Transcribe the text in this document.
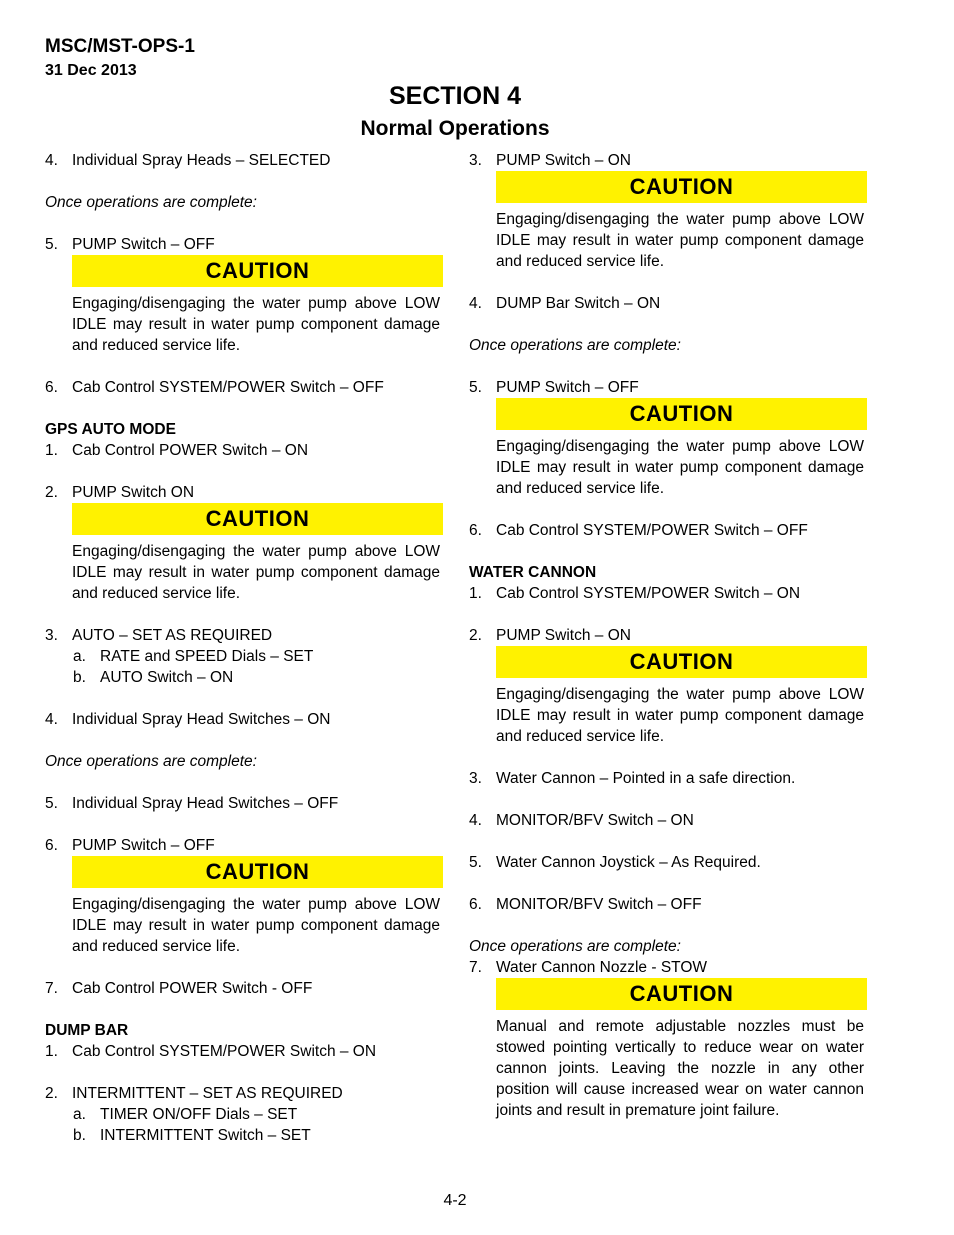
MSC/MST-OPS-1
31 Dec 2013
SECTION 4
Normal Operations
4. Individual Spray Heads – SELECTED
Once operations are complete:
5. PUMP Switch – OFF
CAUTION
Engaging/disengaging the water pump above LOW IDLE may result in water pump component damage and reduced service life.
6. Cab Control SYSTEM/POWER Switch – OFF
GPS AUTO MODE
1. Cab Control POWER Switch – ON
2. PUMP Switch ON
CAUTION
Engaging/disengaging the water pump above LOW IDLE may result in water pump component damage and reduced service life.
3. AUTO – SET AS REQUIRED
a. RATE and SPEED Dials – SET
b. AUTO Switch – ON
4. Individual Spray Head Switches – ON
Once operations are complete:
5. Individual Spray Head Switches – OFF
6. PUMP Switch – OFF
CAUTION
Engaging/disengaging the water pump above LOW IDLE may result in water pump component damage and reduced service life.
7. Cab Control POWER Switch - OFF
DUMP BAR
1. Cab Control SYSTEM/POWER Switch – ON
2. INTERMITTENT – SET AS REQUIRED
a. TIMER ON/OFF Dials – SET
b. INTERMITTENT Switch – SET
3. PUMP Switch – ON
CAUTION
Engaging/disengaging the water pump above LOW IDLE may result in water pump component damage and reduced service life.
4. DUMP Bar Switch – ON
Once operations are complete:
5. PUMP Switch – OFF
CAUTION
Engaging/disengaging the water pump above LOW IDLE may result in water pump component damage and reduced service life.
6. Cab Control SYSTEM/POWER Switch – OFF
WATER CANNON
1. Cab Control SYSTEM/POWER Switch – ON
2. PUMP Switch – ON
CAUTION
Engaging/disengaging the water pump above LOW IDLE may result in water pump component damage and reduced service life.
3. Water Cannon – Pointed in a safe direction.
4. MONITOR/BFV Switch – ON
5. Water Cannon Joystick – As Required.
6. MONITOR/BFV Switch – OFF
Once operations are complete:
7. Water Cannon Nozzle - STOW
CAUTION
Manual and remote adjustable nozzles must be stowed pointing vertically to reduce wear on water cannon joints. Leaving the nozzle in any other position will cause increased wear on water cannon joints and result in premature joint failure.
4-2
